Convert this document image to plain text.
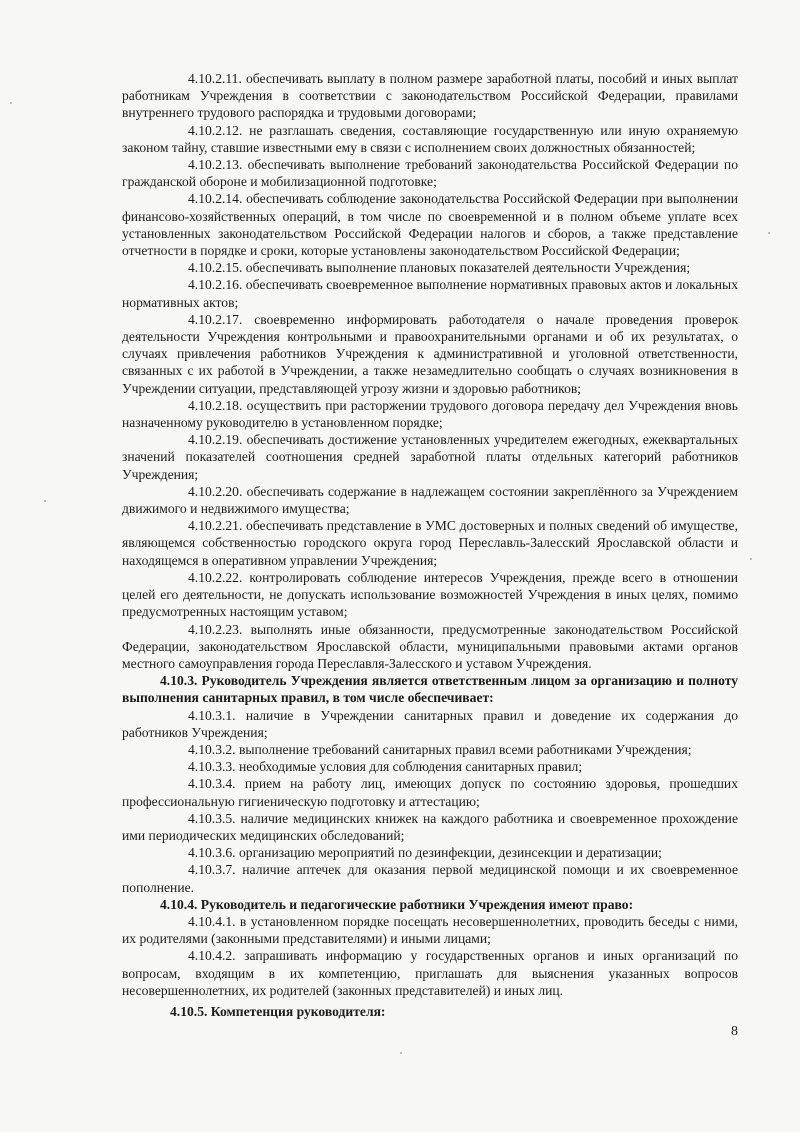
4.10.2.11. обеспечивать выплату в полном размере заработной платы, пособий и иных выплат работникам Учреждения в соответствии с законодательством Российской Федерации, правилами внутреннего трудового распорядка и трудовыми договорами;

4.10.2.12. не разглашать сведения, составляющие государственную или иную охраняемую законом тайну, ставшие известными ему в связи с исполнением своих должностных обязанностей;

4.10.2.13. обеспечивать выполнение требований законодательства Российской Федерации по гражданской обороне и мобилизационной подготовке;

4.10.2.14. обеспечивать соблюдение законодательства Российской Федерации при выполнении финансово-хозяйственных операций, в том числе по своевременной и в полном объеме уплате всех установленных законодательством Российской Федерации налогов и сборов, а также представление отчетности в порядке и сроки, которые установлены законодательством Российской Федерации;

4.10.2.15. обеспечивать выполнение плановых показателей деятельности Учреждения;

4.10.2.16. обеспечивать своевременное выполнение нормативных правовых актов и локальных нормативных актов;

4.10.2.17. своевременно информировать работодателя о начале проведения проверок деятельности Учреждения контрольными и правоохранительными органами и об их результатах, о случаях привлечения работников Учреждения к административной и уголовной ответственности, связанных с их работой в Учреждении, а также незамедлительно сообщать о случаях возникновения в Учреждении ситуации, представляющей угрозу жизни и здоровью работников;

4.10.2.18. осуществить при расторжении трудового договора передачу дел Учреждения вновь назначенному руководителю в установленном порядке;

4.10.2.19. обеспечивать достижение установленных учредителем ежегодных, ежеквартальных значений показателей соотношения средней заработной платы отдельных категорий работников Учреждения;

4.10.2.20. обеспечивать содержание в надлежащем состоянии закреплённого за Учреждением движимого и недвижимого имущества;

4.10.2.21. обеспечивать представление в УМС достоверных и полных сведений об имуществе, являющемся собственностью городского округа город Переславль-Залесский Ярославской области и находящемся в оперативном управлении Учреждения;

4.10.2.22. контролировать соблюдение интересов Учреждения, прежде всего в отношении целей его деятельности, не допускать использование возможностей Учреждения в иных целях, помимо предусмотренных настоящим уставом;

4.10.2.23. выполнять иные обязанности, предусмотренные законодательством Российской Федерации, законодательством Ярославской области, муниципальными правовыми актами органов местного самоуправления города Переславля-Залесского и уставом Учреждения.

4.10.3. Руководитель Учреждения является ответственным лицом за организацию и полноту выполнения санитарных правил, в том числе обеспечивает:

4.10.3.1. наличие в Учреждении санитарных правил и доведение их содержания до работников Учреждения;

4.10.3.2. выполнение требований санитарных правил всеми работниками Учреждения;

4.10.3.3. необходимые условия для соблюдения санитарных правил;

4.10.3.4. прием на работу лиц, имеющих допуск по состоянию здоровья, прошедших профессиональную гигиеническую подготовку и аттестацию;

4.10.3.5. наличие медицинских книжек на каждого работника и своевременное прохождение ими периодических медицинских обследований;

4.10.3.6. организацию мероприятий по дезинфекции, дезинсекции и дератизации;

4.10.3.7. наличие аптечек для оказания первой медицинской помощи и их своевременное пополнение.

4.10.4. Руководитель и педагогические работники Учреждения имеют право:

4.10.4.1. в установленном порядке посещать несовершеннолетних, проводить беседы с ними, их родителями (законными представителями) и иными лицами;

4.10.4.2. запрашивать информацию у государственных органов и иных организаций по вопросам, входящим в их компетенцию, приглашать для выяснения указанных вопросов несовершеннолетних, их родителей (законных представителей) и иных лиц.

4.10.5. Компетенция руководителя:

8
